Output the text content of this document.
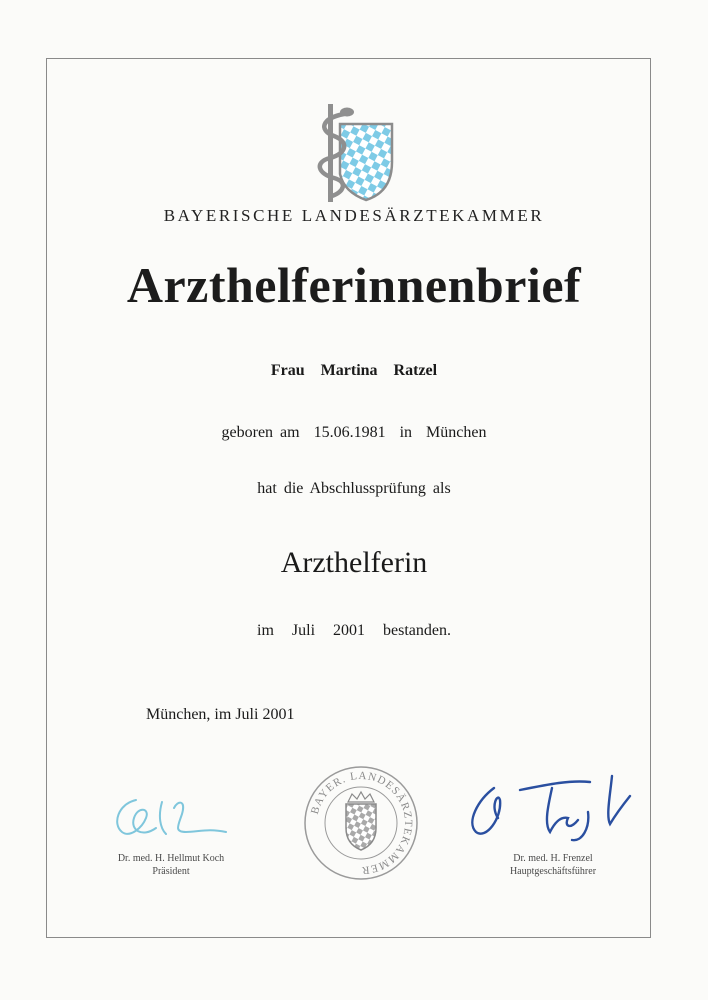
BAYERISCHE LANDESÄRZTEKAMMER
Arzthelferinnenbrief
Frau  Martina  Ratzel
geboren am  15.06.1981  in  München
hat die Abschlussprüfung als
Arzthelferin
im  Juli  2001  bestanden.
München, im Juli 2001
BAYER. LANDESÄRZTEKAMMER
Dr. med. H. Hellmut Koch
Präsident
Dr. med. H. Frenzel
Hauptgeschäftsführer
